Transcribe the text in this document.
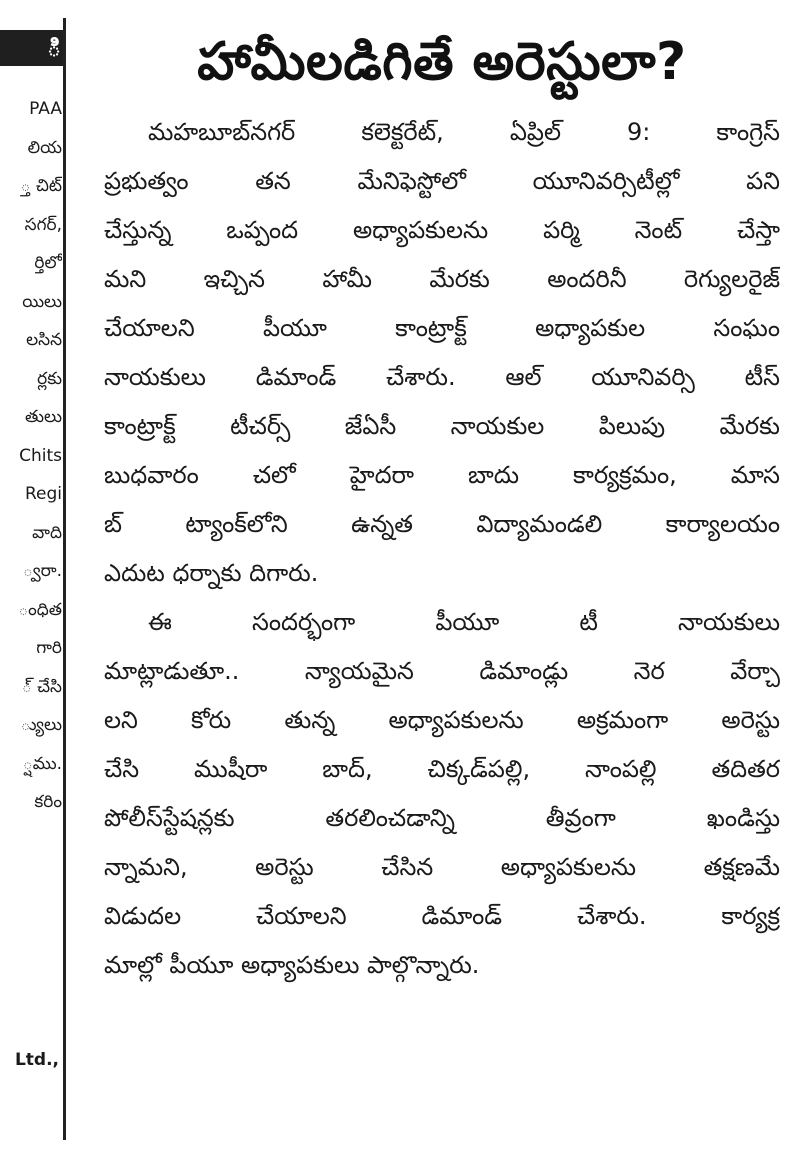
ి
PAA
లియ
్త చిట్
సగర్,
ర్తిలో
యిలు
లసిన
ర్లకు
తులు
Chits
Regi
వాది
్వరా.
ంధిత
గారి
్ చేసి
్యులు
్షము.
కరిం
Ltd.,
హామీలడిగితే అరెస్టులా?
మహబూబ్‌నగర్ కలెక్టరేట్, ఏప్రిల్ 9: కాంగ్రెస్
ప్రభుత్వం తన మేనిఫెస్టోలో యూనివర్సిటీల్లో పని
చేస్తున్న ఒప్పంద అధ్యాపకులను పర్మి నెంట్ చేస్తా
మని ఇచ్చిన హామీ మేరకు అందరినీ రెగ్యులరైజ్
చేయాలని పీయూ కాంట్రాక్ట్ అధ్యాపకుల సంఘం
నాయకులు డిమాండ్ చేశారు. ఆల్ యూనివర్సి టీస్
కాంట్రాక్ట్ టీచర్స్ జేఏసీ నాయకుల పిలుపు మేరకు
బుధవారం చలో హైదరా బాదు కార్యక్రమం, మాస
బ్ ట్యాంక్‌లోని ఉన్నత విద్యామండలి కార్యాలయం
ఎదుట ధర్నాకు దిగారు.
ఈ సందర్భంగా పీయూ టీ నాయకులు
మాట్లాడుతూ.. న్యాయమైన డిమాండ్లు నెర వేర్చా
లని కోరు తున్న అధ్యాపకులను అక్రమంగా అరెస్టు
చేసి ముషీరా బాద్, చిక్కడ్‌పల్లి, నాంపల్లి తదితర
పోలీస్‌స్టేషన్లకు తరలించడాన్ని తీవ్రంగా ఖండిస్తు
న్నామని, అరెస్టు చేసిన అధ్యాపకులను తక్షణమే
విడుదల చేయాలని డిమాండ్ చేశారు. కార్యక్ర
మాల్లో పీయూ అధ్యాపకులు పాల్గొన్నారు.
